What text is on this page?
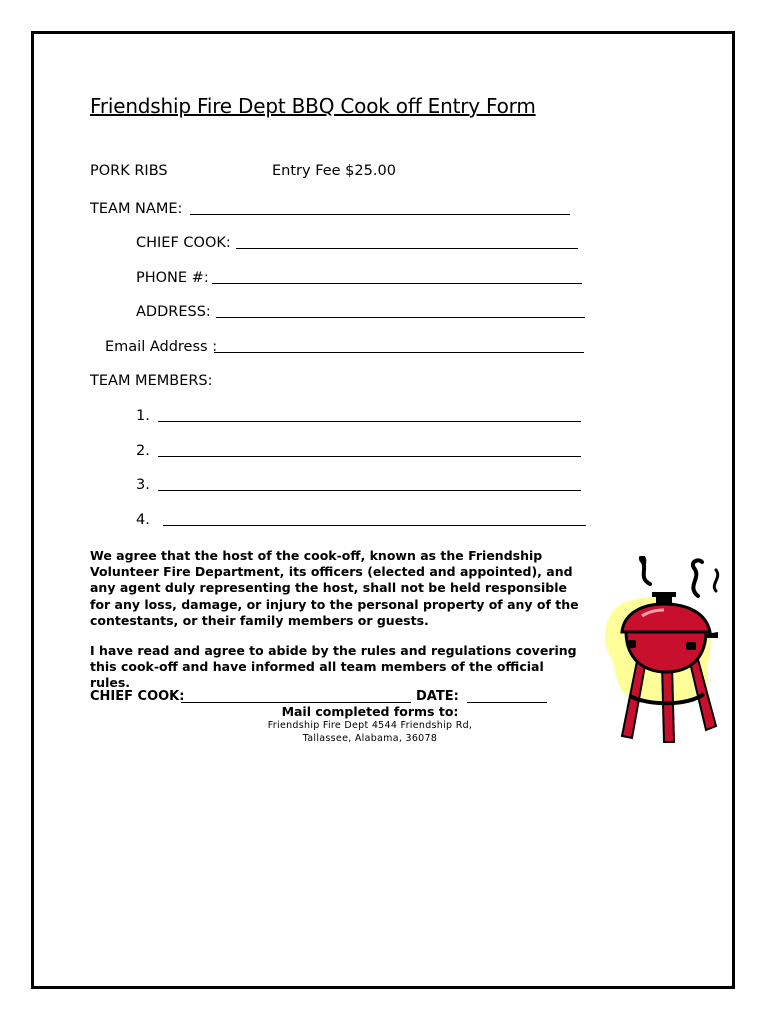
Friendship Fire Dept BBQ Cook off Entry Form
PORK RIBS	Entry Fee $25.00
TEAM NAME:
CHIEF COOK:
PHONE #:
ADDRESS:
Email Address :
TEAM MEMBERS:
1.
2.
3.
4.
We agree that the host of the cook-off, known as the Friendship Volunteer Fire Department, its officers (elected and appointed), and any agent duly representing the host, shall not be held responsible for any loss, damage, or injury to the personal property of any of the contestants, or their family members or guests.
I have read and agree to abide by the rules and regulations covering this cook-off and have informed all team members of the official rules.
CHIEF COOK:	DATE:
Mail completed forms to:
Friendship Fire Dept 4544 Friendship Rd,
Tallassee, Alabama, 36078
